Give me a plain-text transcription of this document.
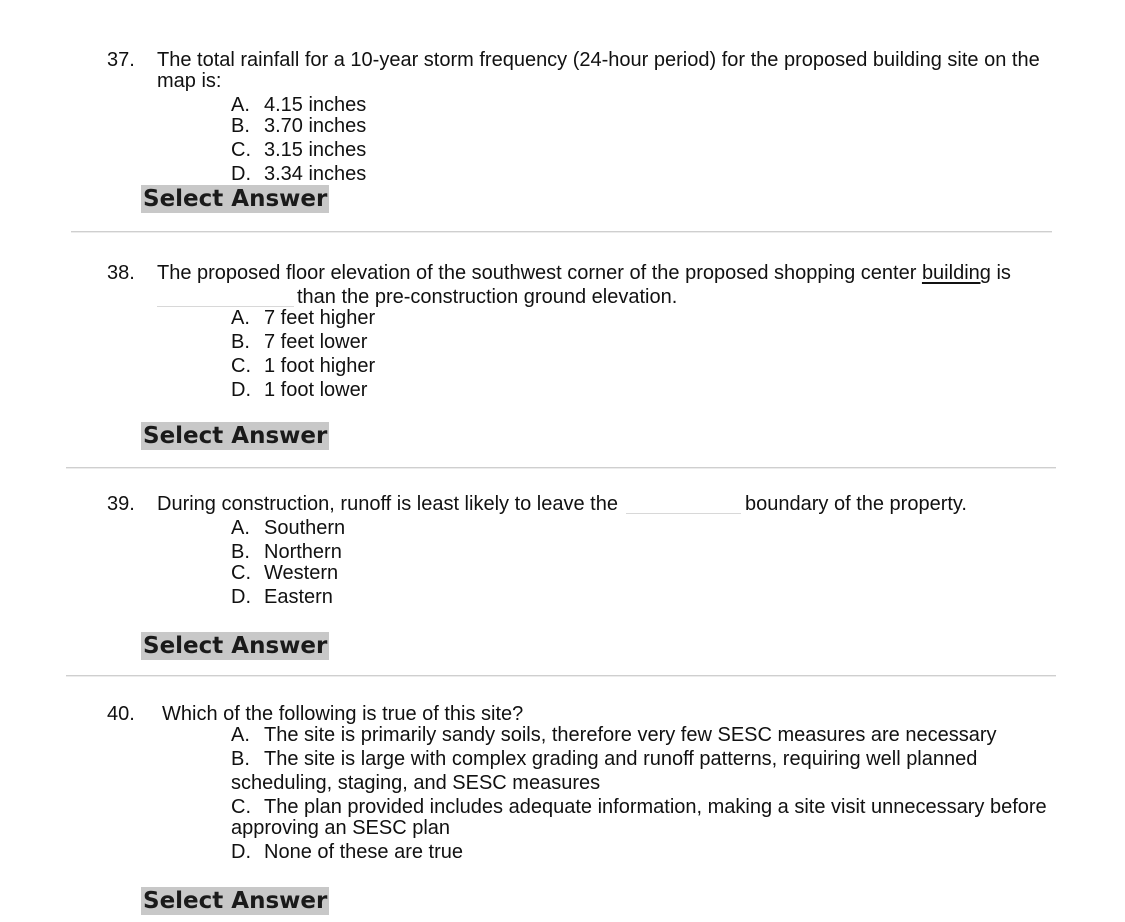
37. The total rainfall for a 10-year storm frequency (24-hour period) for the proposed building site on the
map is:
A. 4.15 inches
B. 3.70 inches
C. 3.15 inches
D. 3.34 inches
Select Answer
38. The proposed floor elevation of the southwest corner of the proposed shopping center building is
than the pre-construction ground elevation.
A. 7 feet higher
B. 7 feet lower
C. 1 foot higher
D. 1 foot lower
Select Answer
39. During construction, runoff is least likely to leave the	boundary of the property.
A. Southern
B. Northern
C. Western
D. Eastern
Select Answer
40. Which of the following is true of this site?
A. The site is primarily sandy soils, therefore very few SESC measures are necessary
B. The site is large with complex grading and runoff patterns, requiring well planned
scheduling, staging, and SESC measures
C. The plan provided includes adequate information, making a site visit unnecessary before
approving an SESC plan
D. None of these are true
Select Answer
